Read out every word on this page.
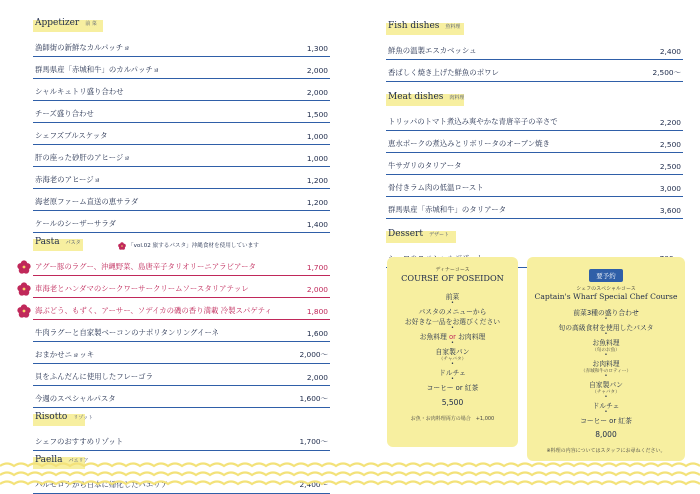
Appetizer 前 菜
漁師街の新鮮なカルパッチョ	1,300
群馬県産「赤城和牛」のカルパッチョ	2,000
シャルキュトリ盛り合わせ	2,000
チーズ盛り合わせ	1,500
シェフズブルスケッタ	1,000
肝の座った砂肝のアヒージョ	1,000
赤海老のアヒージョ	1,200
海老原ファーム直送の恵サラダ	1,200
ケールのシーザーサラダ	1,400
Pasta パスタ	「vol.02 旅するパスタ」沖縄食材を使用しています
アグー豚のラグー、沖縄野菜、島唐辛子タリオリーニアラビアータ	1,700
車海老とハンダマのシークワーサークリームソースタリアテッレ	2,000
海ぶどう、もずく、アーサー、ソデイカの磯の香り満載 冷製スパゲティ	1,800
牛肉ラグーと自家製ベーコンのナポリタンリングイーネ	1,600
おまかせニョッキ	2,000～
貝をふんだんに使用したフレーゴラ	2,000
今週のスペシャルパスタ	1,600～
Risotto リゾット
シェフのおすすめリゾット	1,700～
Paella パエリア
バルセロナから日本に帰化したパエリア	2,400～
Fish dishes 魚料理
鮮魚の温製エスカベッシュ	2,400
香ばしく焼き上げた鮮魚のポワレ	2,500～
Meat dishes 肉料理
トリッパのトマト煮込み爽やかな青唐辛子の辛さで	2,200
恵水ポークの煮込みとリボリータのオーブン焼き	2,500
牛サガリのタリアータ	2,500
骨付きラム肉の低温ロースト	3,000
群馬県産「赤城和牛」のタリアータ	3,600
Dessert デザート
ディナーコース
COURSE OF POSEIDON
前菜
•
パスタのメニューから
お好きな一品をお選びください
•
お魚料理 or お肉料理
•
自家製パン
（チャバタ）
•
ドルチェ
•
コーヒー or 紅茶
5,500
お魚・お肉料理両方の場合　+1,000
要予約
シェフのスペシャルコース
Captain's Wharf Special Chef Course
前菜3種の盛り合わせ
•
旬の高級食材を使用したパスタ
•
お魚料理
（旬のお魚）
•
お肉料理
（赤城和牛のロティー）
•
自家製パン
（チャバタ）
•
ドルチェ
•
コーヒー or 紅茶
8,000
※料理の内容についてはスタッフにお尋ねください。
